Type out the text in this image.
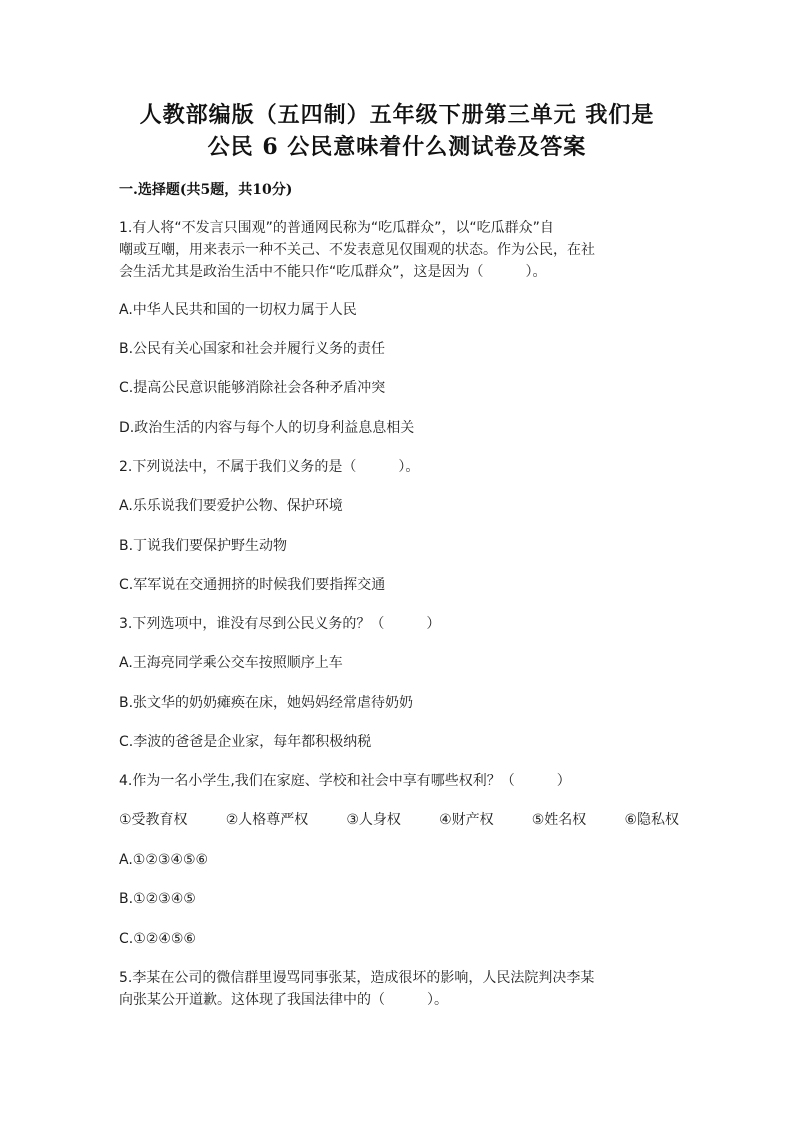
人教部编版（五四制）五年级下册第三单元 我们是
公民 6 公民意味着什么测试卷及答案
一.选择题(共5题，共10分)
1.有人将“不发言只围观”的普通网民称为“吃瓜群众”，以“吃瓜群众”自
嘲或互嘲，用来表示一种不关己、不发表意见仅围观的状态。作为公民，在社
会生活尤其是政治生活中不能只作“吃瓜群众”，这是因为（　　　）。
A.中华人民共和国的一切权力属于人民
B.公民有关心国家和社会并履行义务的责任
C.提高公民意识能够消除社会各种矛盾冲突
D.政治生活的内容与每个人的切身利益息息相关
2.下列说法中，不属于我们义务的是（　　　）。
A.乐乐说我们要爱护公物、保护环境
B.丁说我们要保护野生动物
C.军军说在交通拥挤的时候我们要指挥交通
3.下列选项中，谁没有尽到公民义务的？（　　　）
A.王海亮同学乘公交车按照顺序上车
B.张文华的奶奶瘫痪在床，她妈妈经常虐待奶奶
C.李波的爸爸是企业家，每年都积极纳税
4.作为一名小学生,我们在家庭、学校和社会中享有哪些权利？（　　　）
①受教育权	②人格尊严权	③人身权	④财产权	⑤姓名权	⑥隐私权
A.①②③④⑤⑥
B.①②③④⑤
C.①②④⑤⑥
5.李某在公司的微信群里谩骂同事张某，造成很坏的影响，人民法院判决李某
向张某公开道歉。这体现了我国法律中的（　　　）。
